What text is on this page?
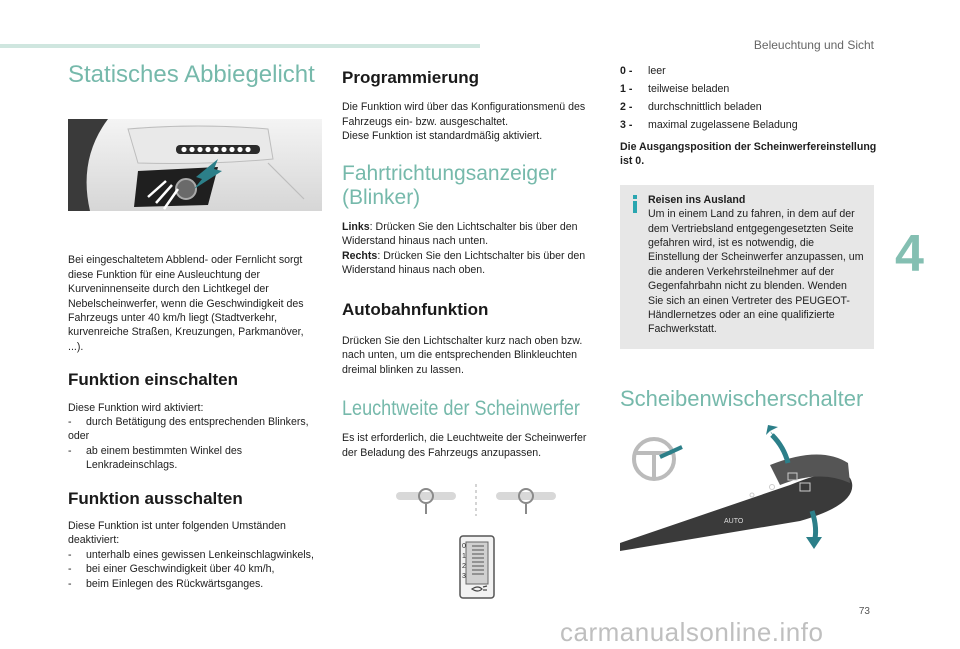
Beleuchtung und Sicht
4
73
carmanualsonline.info
Statisches Abbiegelicht

Bei eingeschaltetem Abblend- oder Fernlicht sorgt diese Funktion für eine Ausleuchtung der Kurveninnenseite durch den Lichtkegel der Nebelscheinwerfer, wenn die Geschwindigkeit des Fahrzeugs unter 40 km/h liegt (Stadtverkehr, kurvenreiche Straßen, Kreuzungen, Parkmanöver, ...).

Funktion einschalten

Diese Funktion wird aktiviert:

-	durch Betätigung des entsprechenden Blinkers,

oder

-	ab einem bestimmten Winkel des Lenkradeinschlags.
Funktion ausschalten

Diese Funktion ist unter folgenden Umständen deaktiviert:

-	unterhalb eines gewissen Lenkeinschlagwinkels,
-	bei einer Geschwindigkeit über 40 km/h,
-	beim Einlegen des Rückwärtsganges.
Programmierung

Die Funktion wird über das Konfigurationsmenü des Fahrzeugs ein- bzw. ausgeschaltet.

Diese Funktion ist standardmäßig aktiviert.

Fahrtrichtungsanzeiger
(Blinker)

Links: Drücken Sie den Lichtschalter bis über den Widerstand hinaus nach unten.
Rechts: Drücken Sie den Lichtschalter bis über den Widerstand hinaus nach oben.

Autobahnfunktion

Drücken Sie den Lichtschalter kurz nach oben bzw. nach unten, um die entsprechenden Blinkleuchten dreimal blinken zu lassen.

Leuchtweite der Scheinwerfer

Es ist erforderlich, die Leuchtweite der Scheinwerfer der Beladung des Fahrzeugs anzupassen.

0
1
2
3
0 -	leer
1 -	teilweise beladen
2 -	durchschnittlich beladen
3 -	maximal zugelassene Beladung

Die Ausgangsposition der Scheinwerfereinstellung ist 0.

Reisen ins Ausland
Um in einem Land zu fahren, in dem auf der dem Vertriebsland entgegengesetzten Seite gefahren wird, ist es notwendig, die Einstellung der Scheinwerfer anzupassen, um die anderen Verkehrsteilnehmer auf der Gegenfahrbahn nicht zu blenden. Wenden Sie sich an einen Vertreter des PEUGEOT-Händlernetzes oder an eine qualifizierte Fachwerkstatt.
Scheibenwischerschalter
AUTO
